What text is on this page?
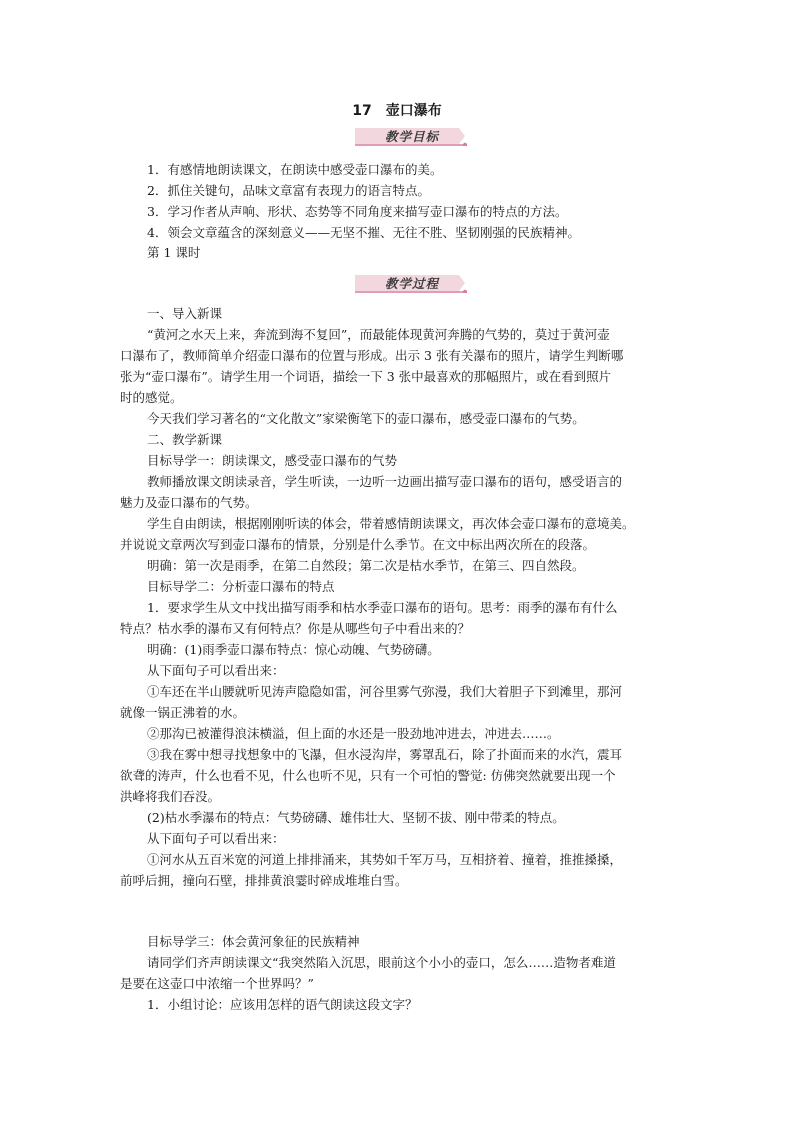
17　壶口瀑布
教学目标
1．有感情地朗读课文，在朗读中感受壶口瀑布的美。
2．抓住关键句，品味文章富有表现力的语言特点。
3．学习作者从声响、形状、态势等不同角度来描写壶口瀑布的特点的方法。
4．领会文章蕴含的深刻意义——无坚不摧、无往不胜、坚韧刚强的民族精神。
第 1 课时
教学过程
一、导入新课
“黄河之水天上来，奔流到海不复回”，而最能体现黄河奔腾的气势的，莫过于黄河壶
口瀑布了，教师简单介绍壶口瀑布的位置与形成。出示 3 张有关瀑布的照片，请学生判断哪
张为“壶口瀑布”。请学生用一个词语，描绘一下 3 张中最喜欢的那幅照片，或在看到照片
时的感觉。
今天我们学习著名的“文化散文”家梁衡笔下的壶口瀑布，感受壶口瀑布的气势。
二、教学新课
目标导学一：朗读课文，感受壶口瀑布的气势
教师播放课文朗读录音，学生听读，一边听一边画出描写壶口瀑布的语句，感受语言的
魅力及壶口瀑布的气势。
学生自由朗读，根据刚刚听读的体会，带着感情朗读课文，再次体会壶口瀑布的意境美。
并说说文章两次写到壶口瀑布的情景，分别是什么季节。在文中标出两次所在的段落。
明确：第一次是雨季，在第二自然段；第二次是枯水季节，在第三、四自然段。
目标导学二：分析壶口瀑布的特点
1．要求学生从文中找出描写雨季和枯水季壶口瀑布的语句。思考：雨季的瀑布有什么
特点？枯水季的瀑布又有何特点？你是从哪些句子中看出来的？
明确：(1)雨季壶口瀑布特点：惊心动魄、气势磅礴。
从下面句子可以看出来：
①车还在半山腰就听见涛声隐隐如雷，河谷里雾气弥漫，我们大着胆子下到滩里，那河
就像一锅正沸着的水。
②那沟已被灌得浪沫横溢，但上面的水还是一股劲地冲进去，冲进去……。
③我在雾中想寻找想象中的飞瀑，但水浸沟岸，雾罩乱石，除了扑面而来的水汽，震耳
欲聋的涛声，什么也看不见，什么也听不见，只有一个可怕的警觉: 仿佛突然就要出现一个
洪峰将我们吞没。
(2)枯水季瀑布的特点：气势磅礴、雄伟壮大、坚韧不拔、刚中带柔的特点。
从下面句子可以看出来：
①河水从五百米宽的河道上排排涌来，其势如千军万马，互相挤着、撞着，推推搡搡，
前呼后拥，撞向石壁，排排黄浪霎时碎成堆堆白雪。
目标导学三：体会黄河象征的民族精神
请同学们齐声朗读课文“我突然陷入沉思，眼前这个小小的壶口，怎么……造物者难道
是要在这壶口中浓缩一个世界吗？”
1．小组讨论：应该用怎样的语气朗读这段文字？
